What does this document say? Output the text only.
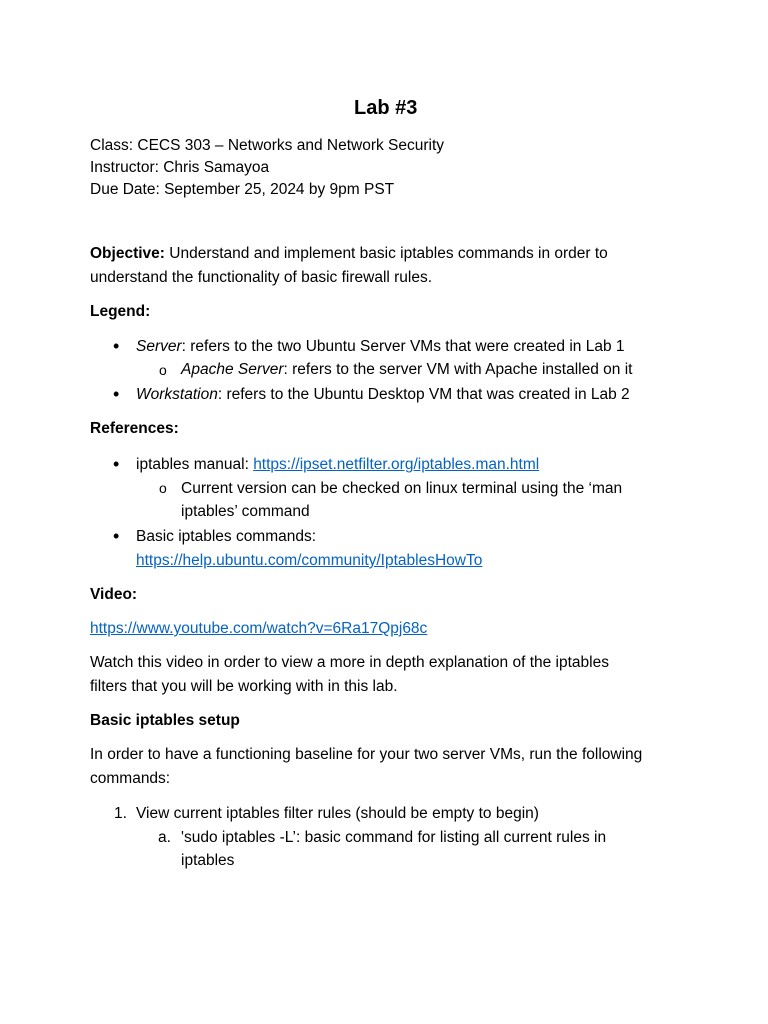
Lab #3
Class: CECS 303 – Networks and Network Security
Instructor: Chris Samayoa
Due Date: September 25, 2024 by 9pm PST
Objective: Understand and implement basic iptables commands in order to
understand the functionality of basic firewall rules.
Legend:
•
Server: refers to the two Ubuntu Server VMs that were created in Lab 1
o
Apache Server: refers to the server VM with Apache installed on it
•
Workstation: refers to the Ubuntu Desktop VM that was created in Lab 2
References:
•
iptables manual: https://ipset.netfilter.org/iptables.man.html
o
Current version can be checked on linux terminal using the ‘man
iptables’ command
•
Basic iptables commands:
https://help.ubuntu.com/community/IptablesHowTo
Video:
https://www.youtube.com/watch?v=6Ra17Qpj68c
Watch this video in order to view a more in depth explanation of the iptables
filters that you will be working with in this lab.
Basic iptables setup
In order to have a functioning baseline for your two server VMs, run the following
commands:
1. View current iptables filter rules (should be empty to begin)
a. 'sudo iptables -L’: basic command for listing all current rules in
iptables
